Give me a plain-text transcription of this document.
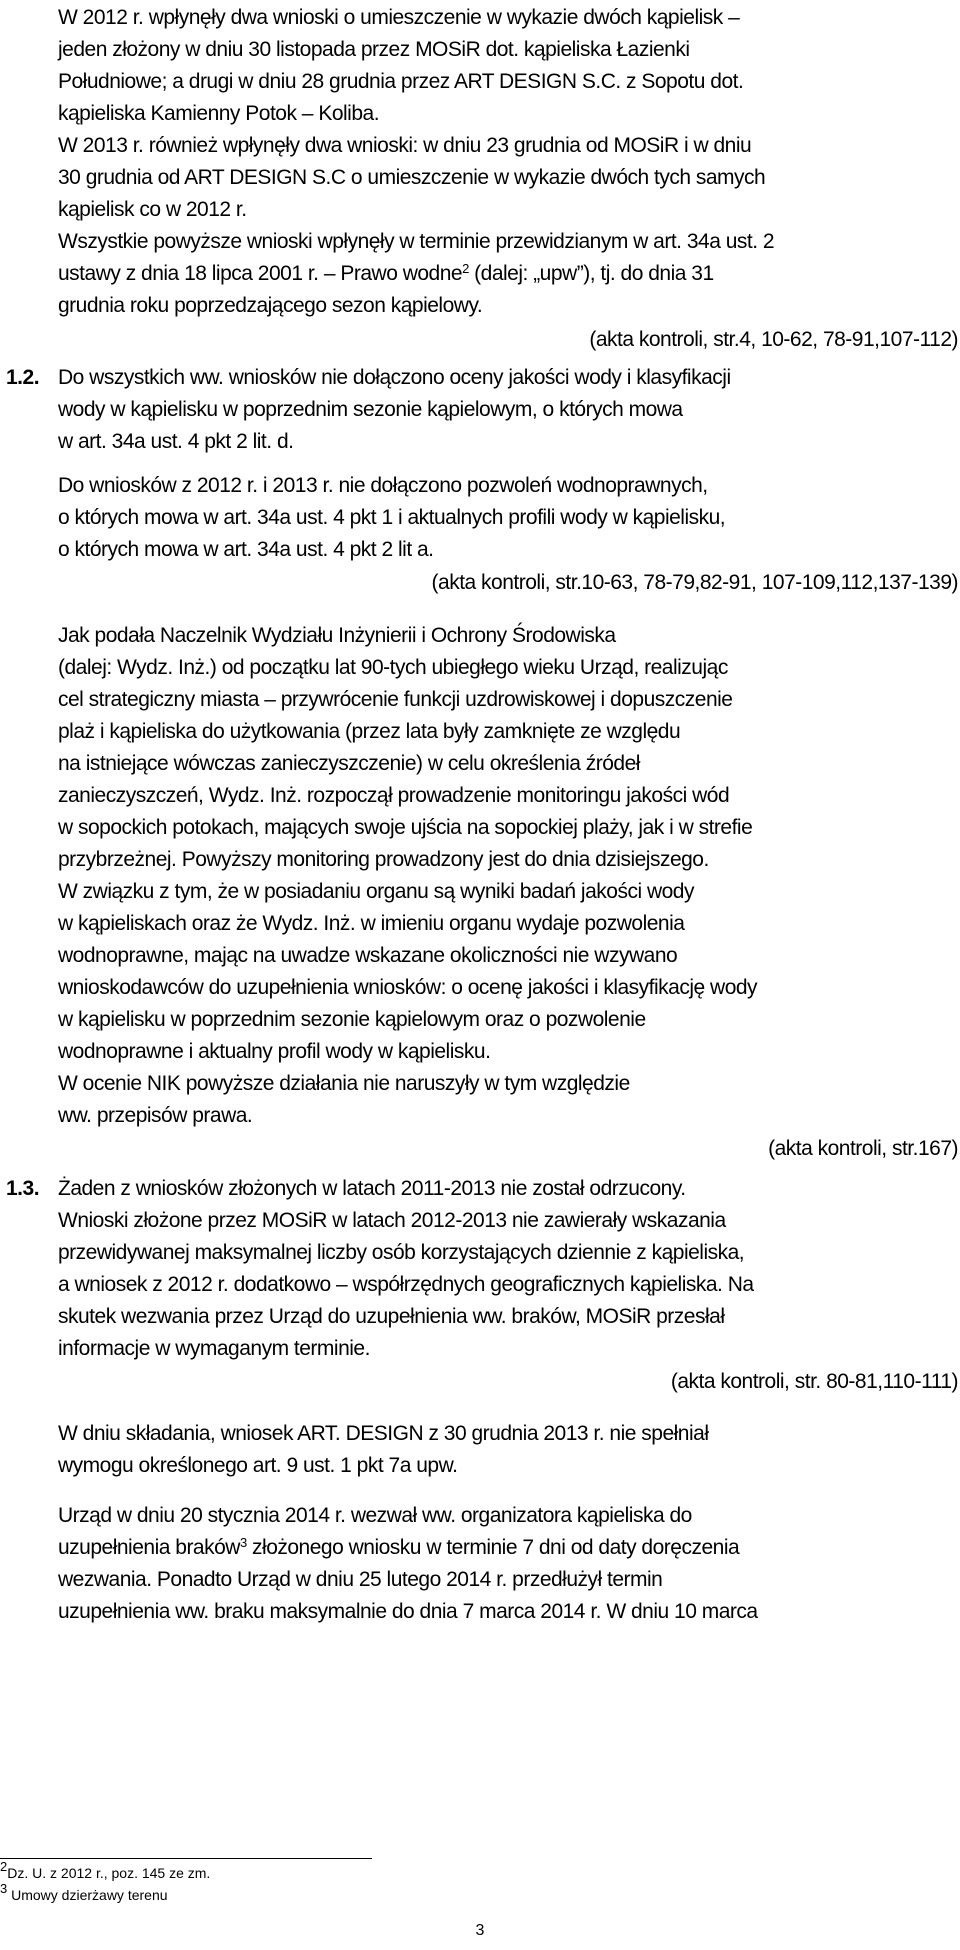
W 2012 r. wpłynęły dwa wnioski o umieszczenie w wykazie dwóch kąpielisk –
jeden złożony w dniu 30 listopada przez MOSiR dot. kąpieliska Łazienki
Południowe; a drugi w dniu 28 grudnia przez ART DESIGN S.C. z Sopotu dot.
kąpieliska Kamienny Potok – Koliba.
W 2013 r. również wpłynęły dwa wnioski: w dniu 23 grudnia od MOSiR i w dniu
30 grudnia od ART DESIGN S.C o umieszczenie w wykazie dwóch tych samych
kąpielisk co w 2012 r.
Wszystkie powyższe wnioski wpłynęły w terminie przewidzianym w art. 34a ust. 2
ustawy z dnia 18 lipca 2001 r. – Prawo wodne$^2$ (dalej: „upw”), tj. do dnia 31
grudnia roku poprzedzającego sezon kąpielowy.
(akta kontroli, str.4, 10-62, 78-91,107-112)
1.2. Do wszystkich ww. wniosków nie dołączono oceny jakości wody i klasyfikacji
wody w kąpielisku w poprzednim sezonie kąpielowym, o których mowa
w art. 34a ust. 4 pkt 2 lit. d.
Do wniosków z 2012 r. i 2013 r. nie dołączono pozwoleń wodnoprawnych,
o których mowa w art. 34a ust. 4 pkt 1 i aktualnych profili wody w kąpielisku,
o których mowa w art. 34a ust. 4 pkt 2 lit a.
(akta kontroli, str.10-63, 78-79,82-91, 107-109,112,137-139)
Jak podała Naczelnik Wydziału Inżynierii i Ochrony Środowiska
(dalej: Wydz. Inż.) od początku lat 90-tych ubiegłego wieku Urząd, realizując
cel strategiczny miasta – przywrócenie funkcji uzdrowiskowej i dopuszczenie
plaż i kąpieliska do użytkowania (przez lata były zamknięte ze względu
na istniejące wówczas zanieczyszczenie) w celu określenia źródeł
zanieczyszczeń, Wydz. Inż. rozpoczął prowadzenie monitoringu jakości wód
w sopockich potokach, mających swoje ujścia na sopockiej plaży, jak i w strefie
przybrzeżnej. Powyższy monitoring prowadzony jest do dnia dzisiejszego.
W związku z tym, że w posiadaniu organu są wyniki badań jakości wody
w kąpieliskach oraz że Wydz. Inż. w imieniu organu wydaje pozwolenia
wodnoprawne, mając na uwadze wskazane okoliczności nie wzywano
wnioskodawców do uzupełnienia wniosków: o ocenę jakości i klasyfikację wody
w kąpielisku w poprzednim sezonie kąpielowym oraz o pozwolenie
wodnoprawne i aktualny profil wody w kąpielisku.
W ocenie NIK powyższe działania nie naruszyły w tym względzie
ww. przepisów prawa.
(akta kontroli, str.167)
1.3. Żaden z wniosków złożonych w latach 2011-2013 nie został odrzucony.
Wnioski złożone przez MOSiR w latach 2012-2013 nie zawierały wskazania
przewidywanej maksymalnej liczby osób korzystających dziennie z kąpieliska,
a wniosek z 2012 r. dodatkowo – współrzędnych geograficznych kąpieliska. Na
skutek wezwania przez Urząd do uzupełnienia ww. braków, MOSiR przesłał
informacje w wymaganym terminie.
(akta kontroli, str. 80-81,110-111)
W dniu składania, wniosek ART. DESIGN z 30 grudnia 2013 r. nie spełniał
wymogu określonego art. 9 ust. 1 pkt 7a upw.
Urząd w dniu 20 stycznia 2014 r. wezwał ww. organizatora kąpieliska do
uzupełnienia braków$^3$ złożonego wniosku w terminie 7 dni od daty doręczenia
wezwania. Ponadto Urząd w dniu 25 lutego 2014 r. przedłużył termin
uzupełnienia ww. braku maksymalnie do dnia 7 marca 2014 r. W dniu 10 marca
2Dz. U. z 2012 r., poz. 145 ze zm.
3 Umowy dzierżawy terenu
3
